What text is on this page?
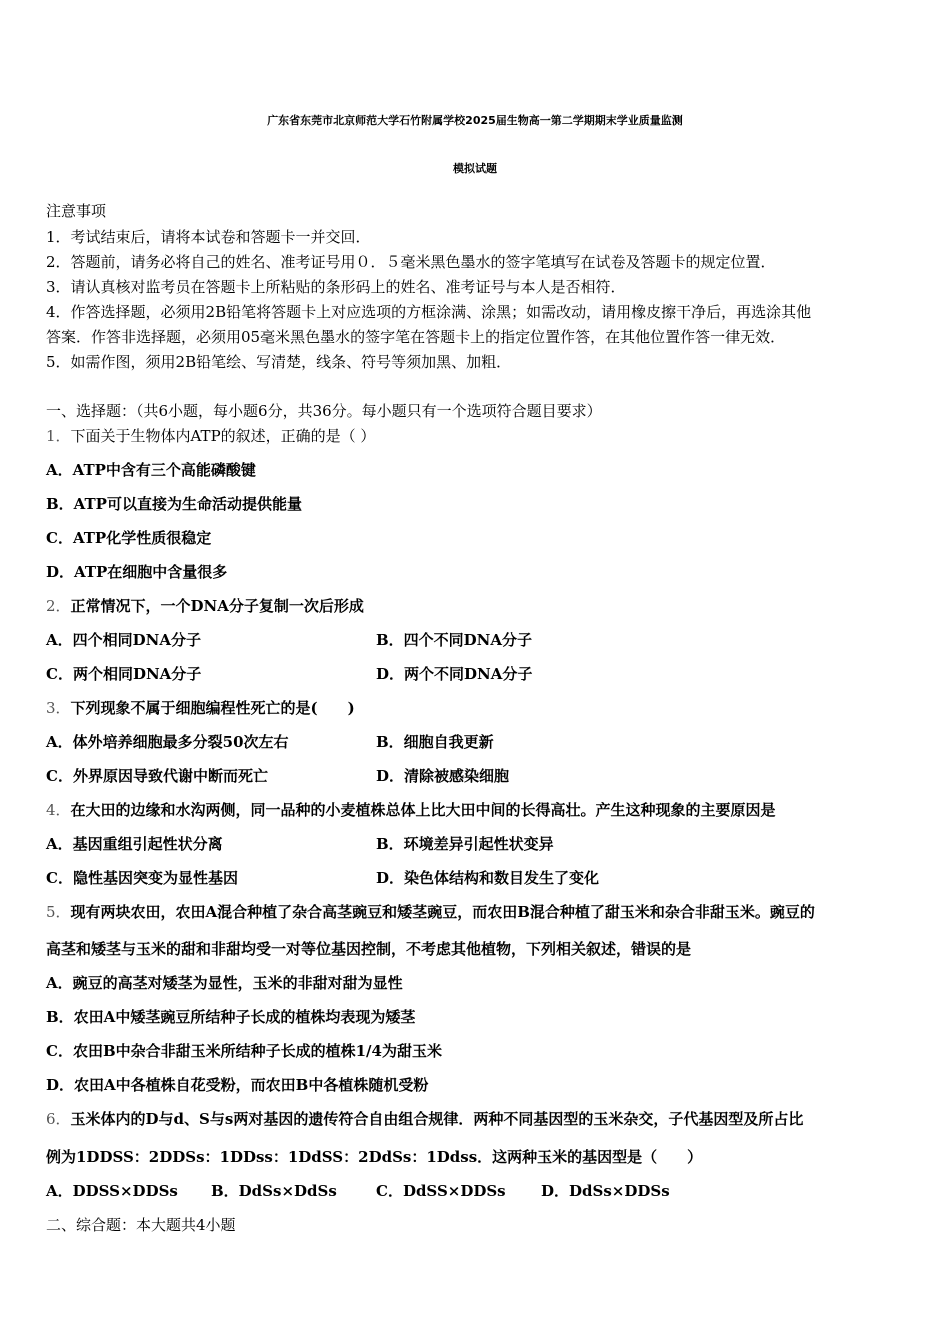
广东省东莞市北京师范大学石竹附属学校2025届生物高一第二学期期末学业质量监测
模拟试题
注意事项
1．考试结束后，请将本试卷和答题卡一并交回．
2．答题前，请务必将自己的姓名、准考证号用０．５毫米黑色墨水的签字笔填写在试卷及答题卡的规定位置．
3．请认真核对监考员在答题卡上所粘贴的条形码上的姓名、准考证号与本人是否相符．
4．作答选择题，必须用2B铅笔将答题卡上对应选项的方框涂满、涂黑；如需改动，请用橡皮擦干净后，再选涂其他
答案．作答非选择题，必须用05毫米黑色墨水的签字笔在答题卡上的指定位置作答，在其他位置作答一律无效．
5．如需作图，须用2B铅笔绘、写清楚，线条、符号等须加黑、加粗．
一、选择题：（共6小题，每小题6分，共36分。每小题只有一个选项符合题目要求）
1．下面关于生物体内ATP的叙述，正确的是（ ）
A．ATP中含有三个高能磷酸键
B．ATP可以直接为生命活动提供能量
C．ATP化学性质很稳定
D．ATP在细胞中含量很多
2．正常情况下，一个DNA分子复制一次后形成
A．四个相同DNA分子	B．四个不同DNA分子
C．两个相同DNA分子	D．两个不同DNA分子
3．下列现象不属于细胞编程性死亡的是(　　)
A．体外培养细胞最多分裂50次左右	B．细胞自我更新
C．外界原因导致代谢中断而死亡	D．清除被感染细胞
4．在大田的边缘和水沟两侧，同一品种的小麦植株总体上比大田中间的长得高壮。产生这种现象的主要原因是
A．基因重组引起性状分离	B．环境差异引起性状变异
C．隐性基因突变为显性基因	D．染色体结构和数目发生了变化
5．现有两块农田，农田A混合种植了杂合高茎豌豆和矮茎豌豆，而农田B混合种植了甜玉米和杂合非甜玉米。豌豆的
高茎和矮茎与玉米的甜和非甜均受一对等位基因控制，不考虑其他植物，下列相关叙述，错误的是
A．豌豆的高茎对矮茎为显性，玉米的非甜对甜为显性
B．农田A中矮茎豌豆所结种子长成的植株均表现为矮茎
C．农田B中杂合非甜玉米所结种子长成的植株1/4为甜玉米
D．农田A中各植株自花受粉，而农田B中各植株随机受粉
6．玉米体内的D与d、S与s两对基因的遗传符合自由组合规律．两种不同基因型的玉米杂交，子代基因型及所占比
例为1DDSS：2DDSs：1DDss：1DdSS：2DdSs：1Ddss．这两种玉米的基因型是（　　）
A．DDSS×DDSs B．DdSs×DdSs	C．DdSS×DDSs D．DdSs×DDSs
二、综合题：本大题共4小题
